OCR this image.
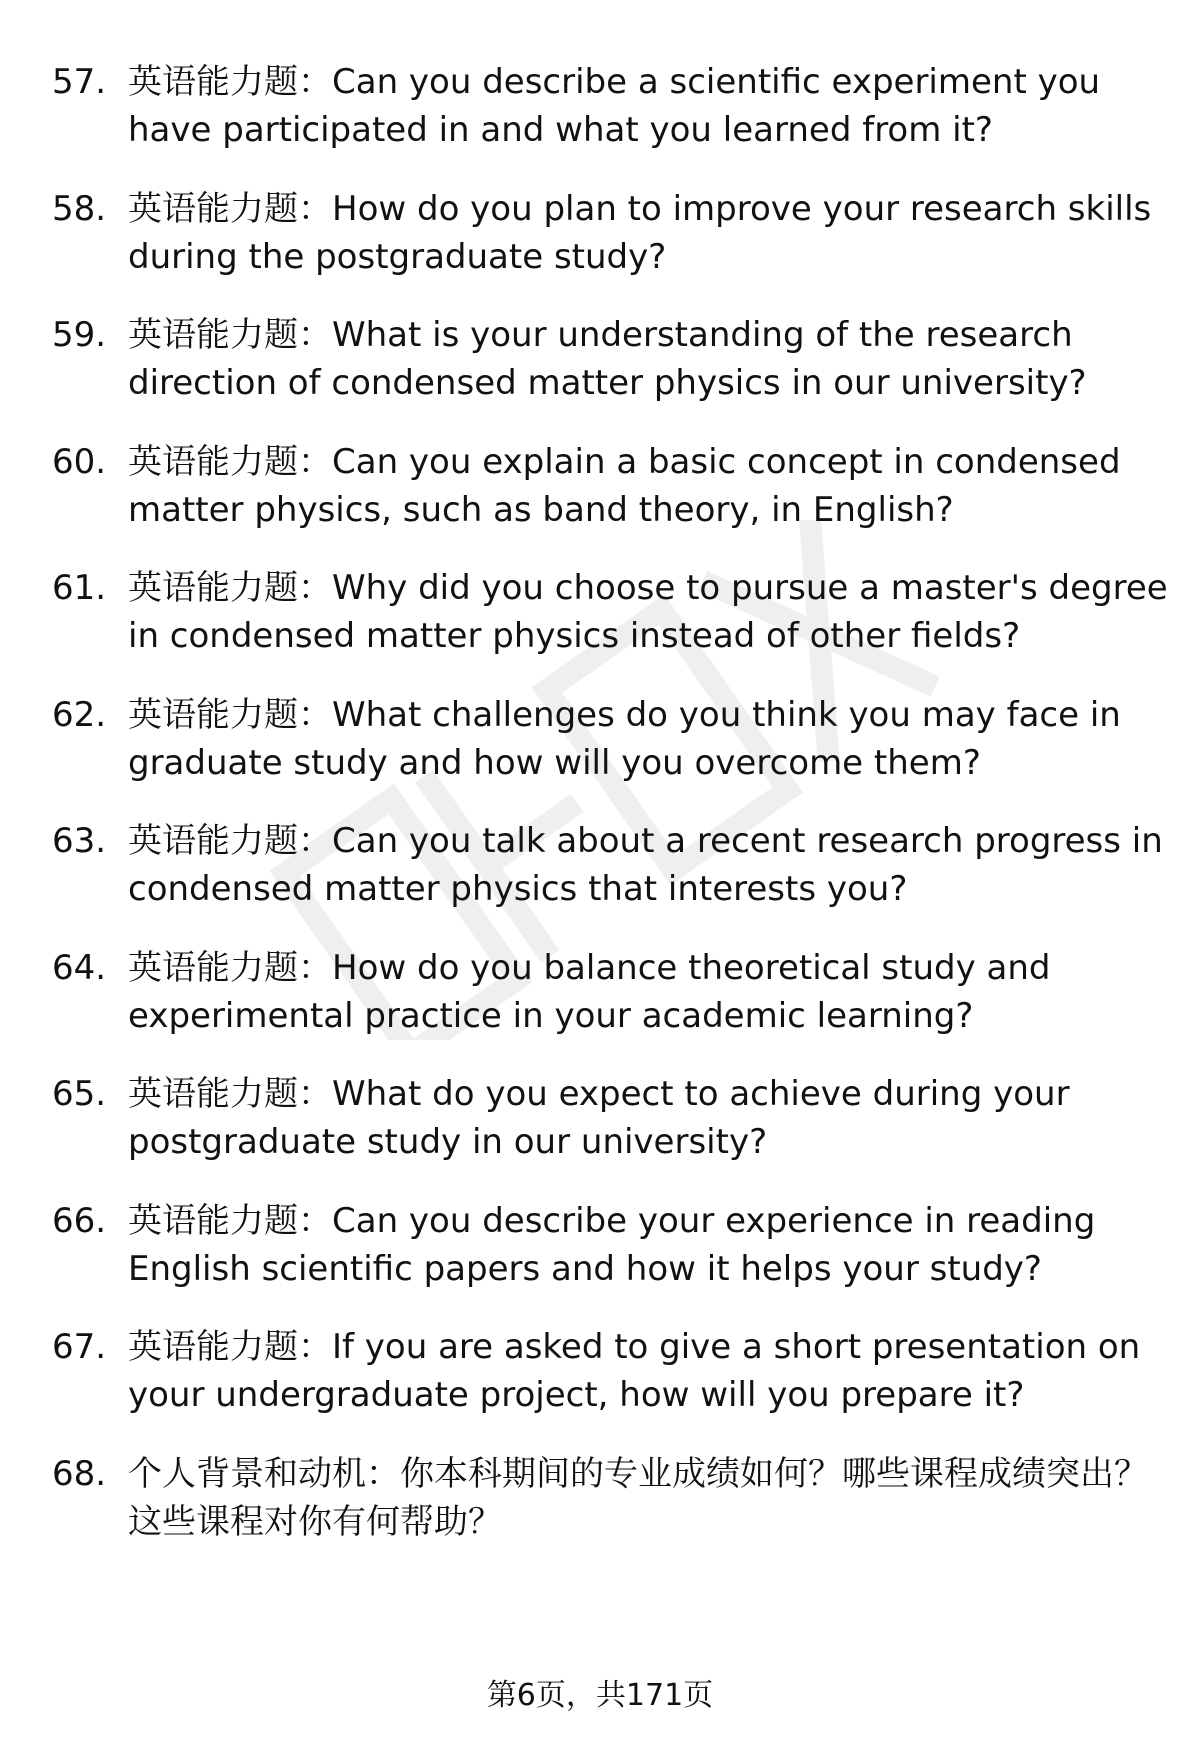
57. 英语能力题：Can you describe a scientific experiment you have participated in and what you learned from it?
58. 英语能力题：How do you plan to improve your research skills during the postgraduate study?
59. 英语能力题：What is your understanding of the research direction of condensed matter physics in our university?
60. 英语能力题：Can you explain a basic concept in condensed matter physics, such as band theory, in English?
61. 英语能力题：Why did you choose to pursue a master's degree in condensed matter physics instead of other fields?
62. 英语能力题：What challenges do you think you may face in graduate study and how will you overcome them?
63. 英语能力题：Can you talk about a recent research progress in condensed matter physics that interests you?
64. 英语能力题：How do you balance theoretical study and experimental practice in your academic learning?
65. 英语能力题：What do you expect to achieve during your postgraduate study in our university?
66. 英语能力题：Can you describe your experience in reading English scientific papers and how it helps your study?
67. 英语能力题：If you are asked to give a short presentation on your undergraduate project, how will you prepare it?
68. 个人背景和动机：你本科期间的专业成绩如何？哪些课程成绩突出？这些课程对你有何帮助？
第6页，共171页
